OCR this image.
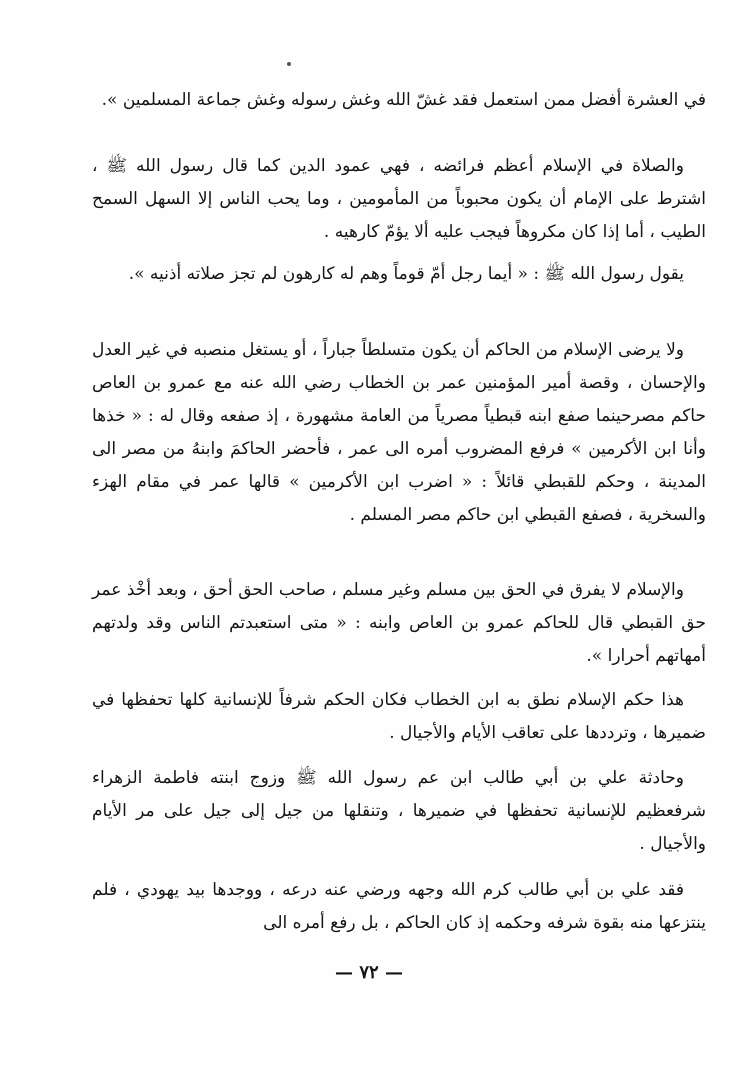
في العشرة أفضل ممن استعمل فقد غشّ الله وغش رسوله وغش جماعة المسلمين ».

والصلاة في الإسلام أعظم فرائضه ، فهي عمود الدين كما قال رسول الله ﷺ ، اشترط على الإمام أن يكون محبوباً من المأمومين ، وما يحب الناس إلا السهل السمح الطيب ، أما إذا كان مكروهاً فيجب عليه ألا يؤمّ كارهيه .

يقول رسول الله ﷺ : « أيما رجل أمّ قوماً وهم له كارهون لم تجز صلاته أذنيه ».

ولا يرضى الإسلام من الحاكم أن يكون متسلطاً جباراً ، أو يستغل منصبه في غير العدل والإحسان ، وقصة أمير المؤمنين عمر بن الخطاب رضي الله عنه مع عمرو بن العاص حاكم مصرحينما صفع ابنه قبطياً مصرياً من العامة مشهورة ، إذ صفعه وقال له : « خذها وأنا ابن الأكرمين » فرفع المضروب أمره الى عمر ، فأحضر الحاكمَ وابنهُ من مصر الى المدينة ، وحكم للقبطي قائلاً : « اضرب ابن الأكرمين » قالها عمر في مقام الهزء والسخرية ، فصفع القبطي ابن حاكم مصر المسلم .

والإسلام لا يفرق في الحق بين مسلم وغير مسلم ، صاحب الحق أحق ، وبعد أخْذ عمر حق القبطي قال للحاكم عمرو بن العاص وابنه : « متى استعبدتم الناس وقد ولدتهم أمهاتهم أحرارا ».

هذا حكم الإسلام نطق به ابن الخطاب فكان الحكم شرفاً للإنسانية كلها تحفظها في ضميرها ، وترددها على تعاقب الأيام والأجيال .

وحادثة علي بن أبي طالب ابن عم رسول الله ﷺ وزوج ابنته فاطمة الزهراء شرفعظيم للإنسانية تحفظها في ضميرها ، وتنقلها من جيل إلى جيل على مر الأيام والأجيال .

فقد علي بن أبي طالب كرم الله وجهه ورضي عنه درعه ، ووجدها بيد يهودي ، فلم ينتزعها منه بقوة شرفه وحكمه إذ كان الحاكم ، بل رفع أمره الى

— ٧٢ —
